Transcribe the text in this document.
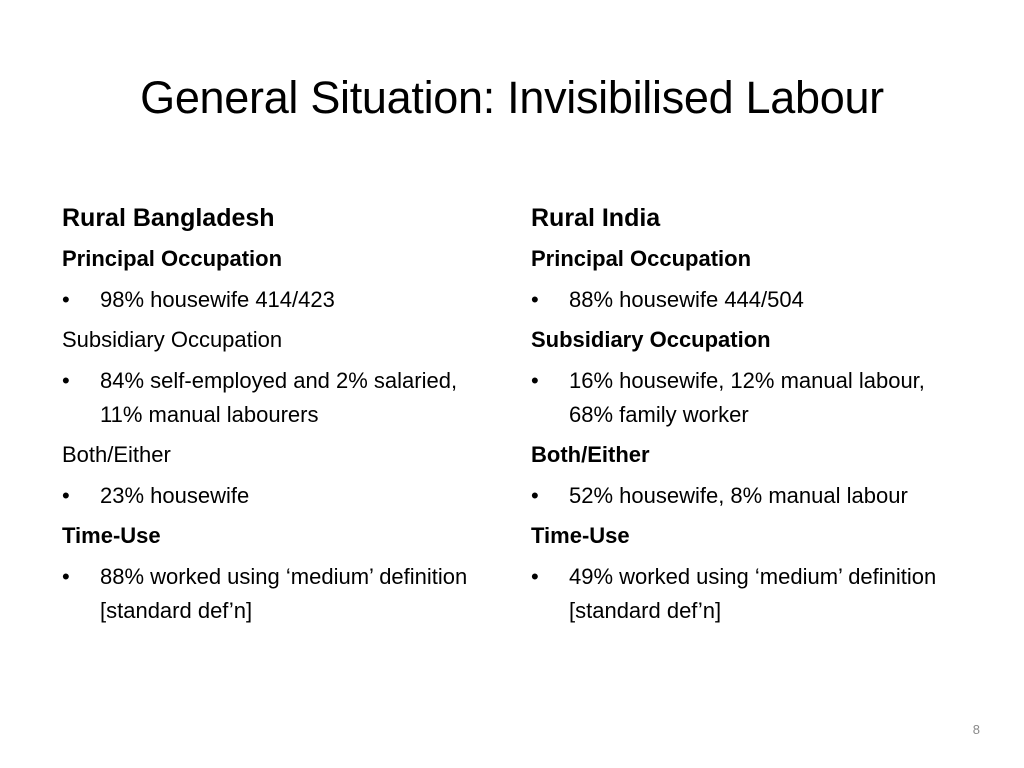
General Situation: Invisibilised Labour
Rural Bangladesh
Principal Occupation
•	98% housewife 414/423
Subsidiary Occupation
•	84% self-employed and 2% salaried, 11% manual labourers
Both/Either
•	23% housewife
Time-Use
•	88% worked using ‘medium’ definition [standard def’n]
Rural India
Principal Occupation
•	88% housewife 444/504
Subsidiary Occupation
•	16% housewife, 12% manual labour, 68% family worker
Both/Either
•	52% housewife, 8% manual labour
Time-Use
•	49% worked using ‘medium’ definition [standard def’n]
8
